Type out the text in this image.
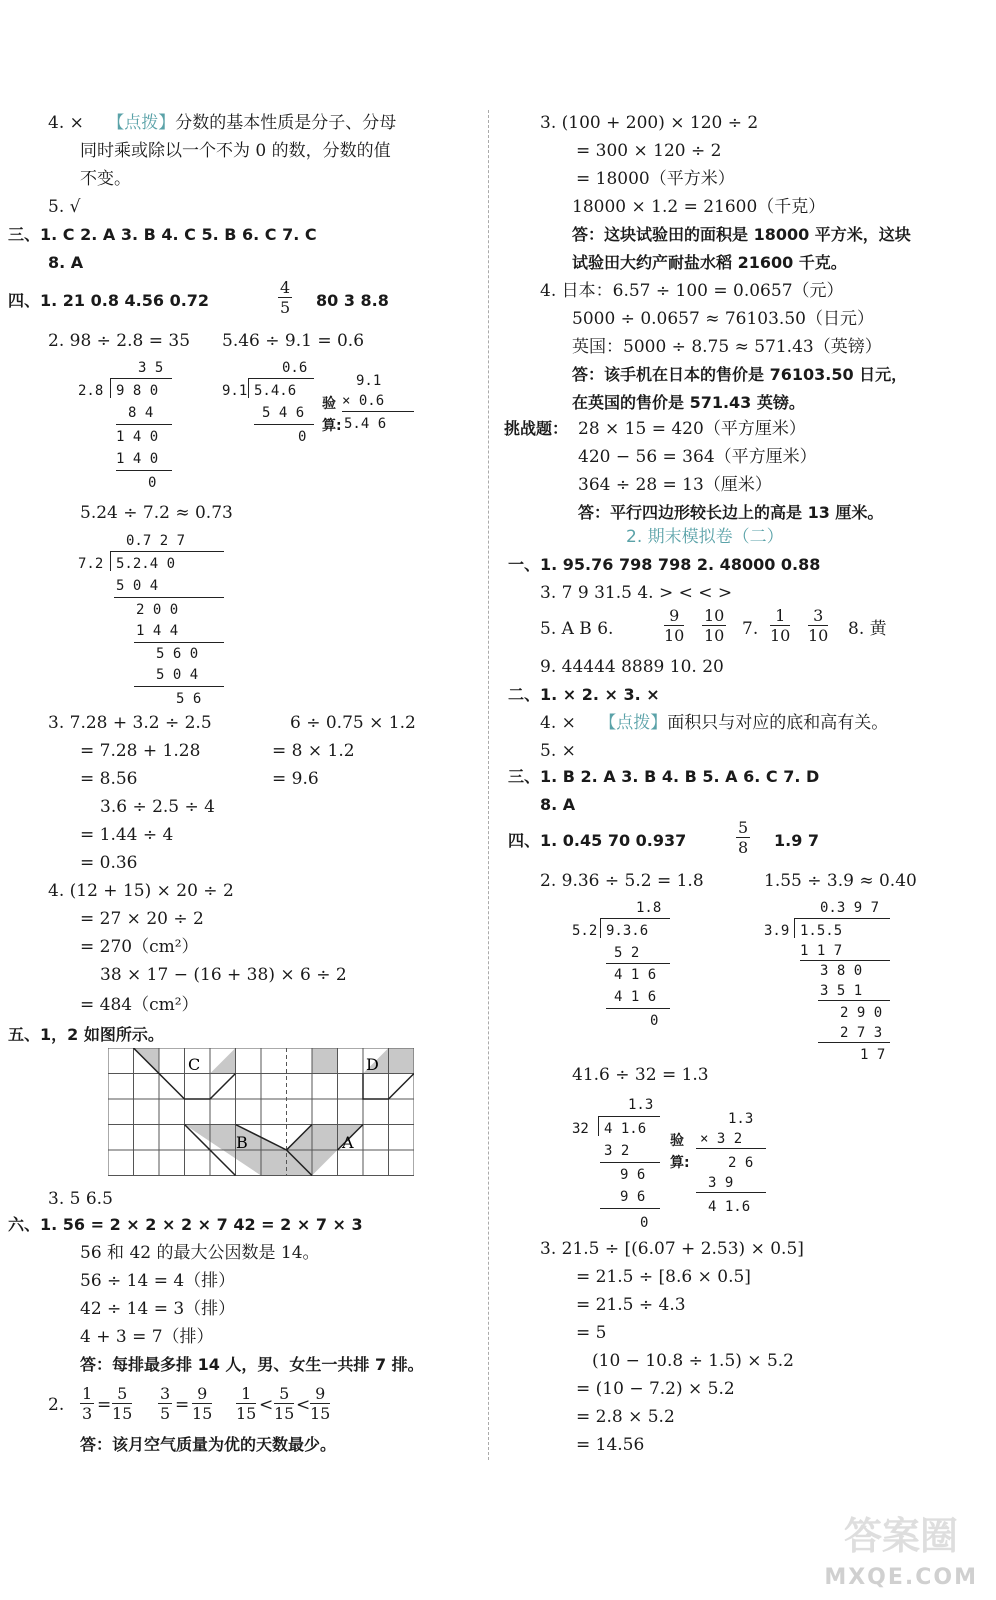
4. × 【点拨】分数的基本性质是分子、分母
同时乘或除以一个不为 0 的数，分数的值
不变。
5. √
三、1. C 2. A 3. B 4. C 5. B 6. C 7. C
8. A
四、1. 21 0.8 4.56 0.72	$\frac{4}{5} 80$ 3 8.8
2. 98 ÷ 2.8 = 35 5.46 ÷ 9.1 = 0.6
3 5
2.8 9 8 0
8 4
1 4 0
1 4 0
0
0.6
9.1 5.4.6
5 4 6
0
9.1
× 0.6
5.4 6
验
算:
5.24 ÷ 7.2 ≈ 0.73
0.7 2 7
7.2 5.2.4 0
5 0 4
2 0 0
1 4 4
5 6 0
5 0 4
5 6
3. 7.28 + 3.2 ÷ 2.5	6 ÷ 0.75 × 1.2
= 7.28 + 1.28	= 8 × 1.2
= 8.56	= 9.6
3.6 ÷ 2.5 ÷ 4
= 1.44 ÷ 4
= 0.36
4. (12 + 15) × 20 ÷ 2
= 27 × 20 ÷ 2
= 270（cm²）
38 × 17 − (16 + 38) × 6 ÷ 2
= 484（cm²）
五、1，2 如图所示。
C	D
B	A
3. 5 6.5
六、1. 56 = 2 × 2 × 2 × 7 42 = 2 × 7 × 3
56 和 42 的最大公因数是 14。
56 ÷ 14 = 4（排）
42 ÷ 14 = 3（排）
4 + 3 = 7（排）
答：每排最多排 14 人，男、女生一共排 7 排。
2. $\frac{1}{3} = \frac{5}{15} \frac{3}{5} = \frac{9}{15} \frac{1}{15} < \frac{5}{15} < \frac{9}{15}$
答：该月空气质量为优的天数最少。
3. (100 + 200) × 120 ÷ 2
= 300 × 120 ÷ 2
= 18000（平方米）
18000 × 1.2 = 21600（千克）
答：这块试验田的面积是 18000 平方米，这块
试验田大约产耐盐水稻 21600 千克。
4. 日本：6.57 ÷ 100 = 0.0657（元）
5000 ÷ 0.0657 ≈ 76103.50（日元）
英国：5000 ÷ 8.75 ≈ 571.43（英镑）
答：该手机在日本的售价是 76103.50 日元，
在英国的售价是 571.43 英镑。
挑战题： 28 × 15 = 420（平方厘米）
420 − 56 = 364（平方厘米）
364 ÷ 28 = 13（厘米）
答：平行四边形较长边上的高是 13 厘米。
2. 期末模拟卷（二）
一、1. 95.76 798 798 2. 48000 0.88
3. 7 9 31.5 4. > < < >
5. A B 6.	$\frac{9}{10} \frac{10}{10} 7$. $\frac{1}{10} \frac{3}{10} 8$. 黄
9. 44444 8889 10. 20
二、1. × 2. × 3. ×
4. × 【点拨】面积只与对应的底和高有关。
5. ×
三、1. B 2. A 3. B 4. B 5. A 6. C 7. D
8. A
四、1. 0.45 70 0.937	$\frac{5}{8} 1.9$ 7
2. 9.36 ÷ 5.2 = 1.8	1.55 ÷ 3.9 ≈ 0.40
1.8
5.2 9.3.6
5 2
4 1 6
4 1 6
0
0.3 9 7
3.9 1.5.5
1 1 7
3 8 0
3 5 1
2 9 0
2 7 3
1 7
41.6 ÷ 32 = 1.3
1.3
32 4 1.6
3 2
9 6
9 6
0
1.3
× 3 2
2 6
3 9
4 1.6
验
算:
3. 21.5 ÷ [(6.07 + 2.53) × 0.5]
= 21.5 ÷ [8.6 × 0.5]
= 21.5 ÷ 4.3
= 5
(10 − 10.8 ÷ 1.5) × 5.2
= (10 − 7.2) × 5.2
= 2.8 × 5.2
= 14.56
答案圈
MXQE.COM
